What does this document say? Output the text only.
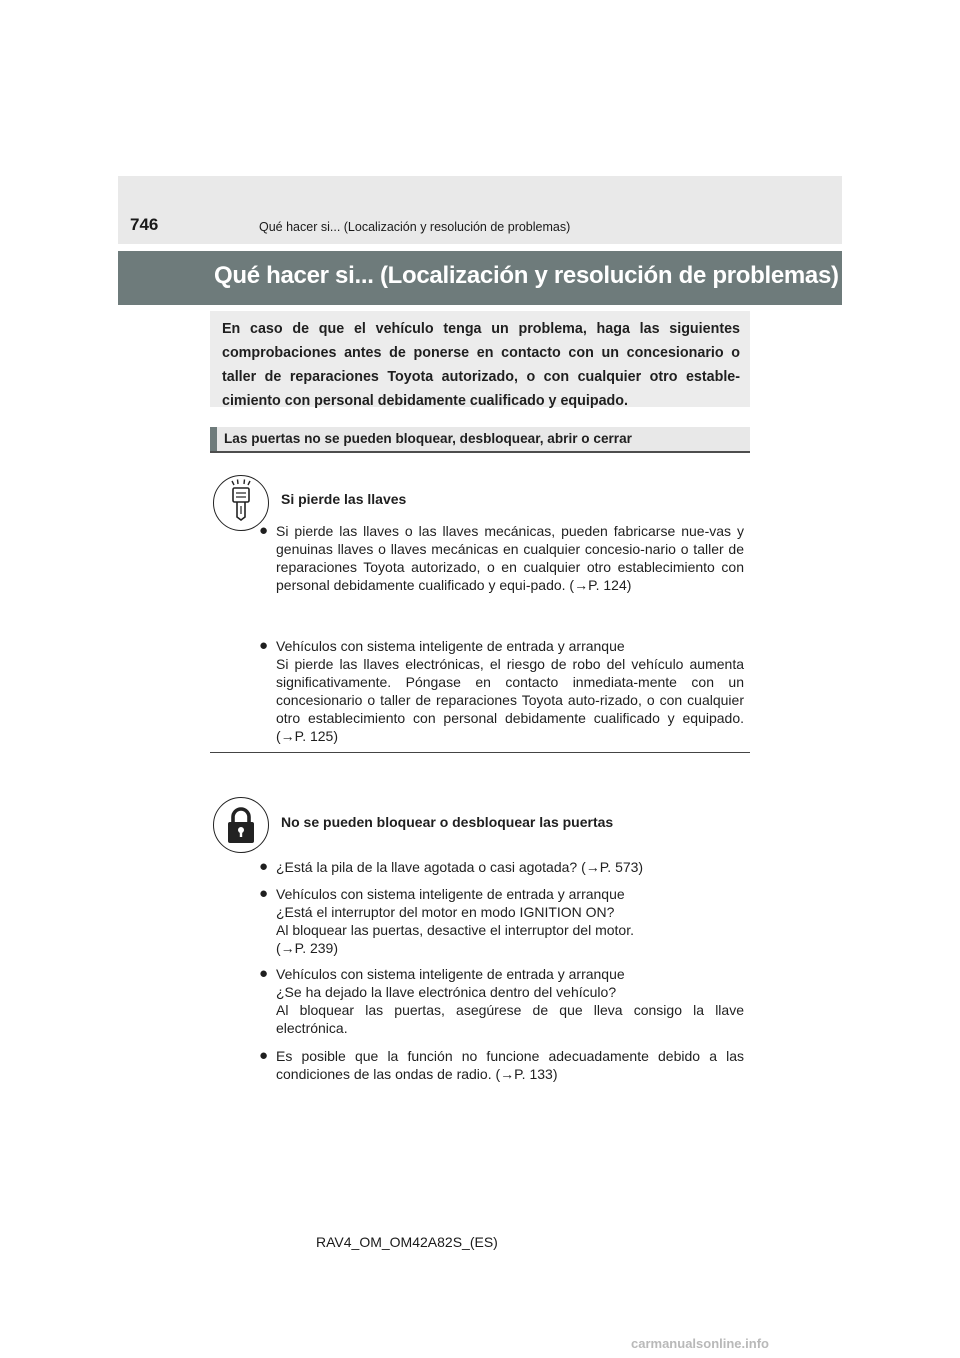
746	Qué hacer si... (Localización y resolución de problemas)
Qué hacer si... (Localización y resolución de problemas)
En caso de que el vehículo tenga un problema, haga las siguientes comprobaciones antes de ponerse en contacto con un concesionario o taller de reparaciones Toyota autorizado, o con cualquier otro estable-cimiento con personal debidamente cualificado y equipado.
Las puertas no se pueden bloquear, desbloquear, abrir o cerrar
Si pierde las llaves
● Si pierde las llaves o las llaves mecánicas, pueden fabricarse nue-vas y genuinas llaves o llaves mecánicas en cualquier concesio-nario o taller de reparaciones Toyota autorizado, o en cualquier otro establecimiento con personal debidamente cualificado y equi-pado. (→P. 124)

● Vehículos con sistema inteligente de entrada y arranque

Si pierde las llaves electrónicas, el riesgo de robo del vehículo aumenta significativamente. Póngase en contacto inmediata-mente con un concesionario o taller de reparaciones Toyota auto-rizado, o con cualquier otro establecimiento con personal debidamente cualificado y equipado. (→P. 125)

No se pueden bloquear o desbloquear las puertas
● ¿Está la pila de la llave agotada o casi agotada? (→P. 573)

● Vehículos con sistema inteligente de entrada y arranque

¿Está el interruptor del motor en modo IGNITION ON?

Al bloquear las puertas, desactive el interruptor del motor.

(→P. 239)

● Vehículos con sistema inteligente de entrada y arranque

¿Se ha dejado la llave electrónica dentro del vehículo?

Al bloquear las puertas, asegúrese de que lleva consigo la llave electrónica.

● Es posible que la función no funcione adecuadamente debido a las condiciones de las ondas de radio. (→P. 133)

RAV4_OM_OM42A82S_(ES)
carmanualsonline.info
